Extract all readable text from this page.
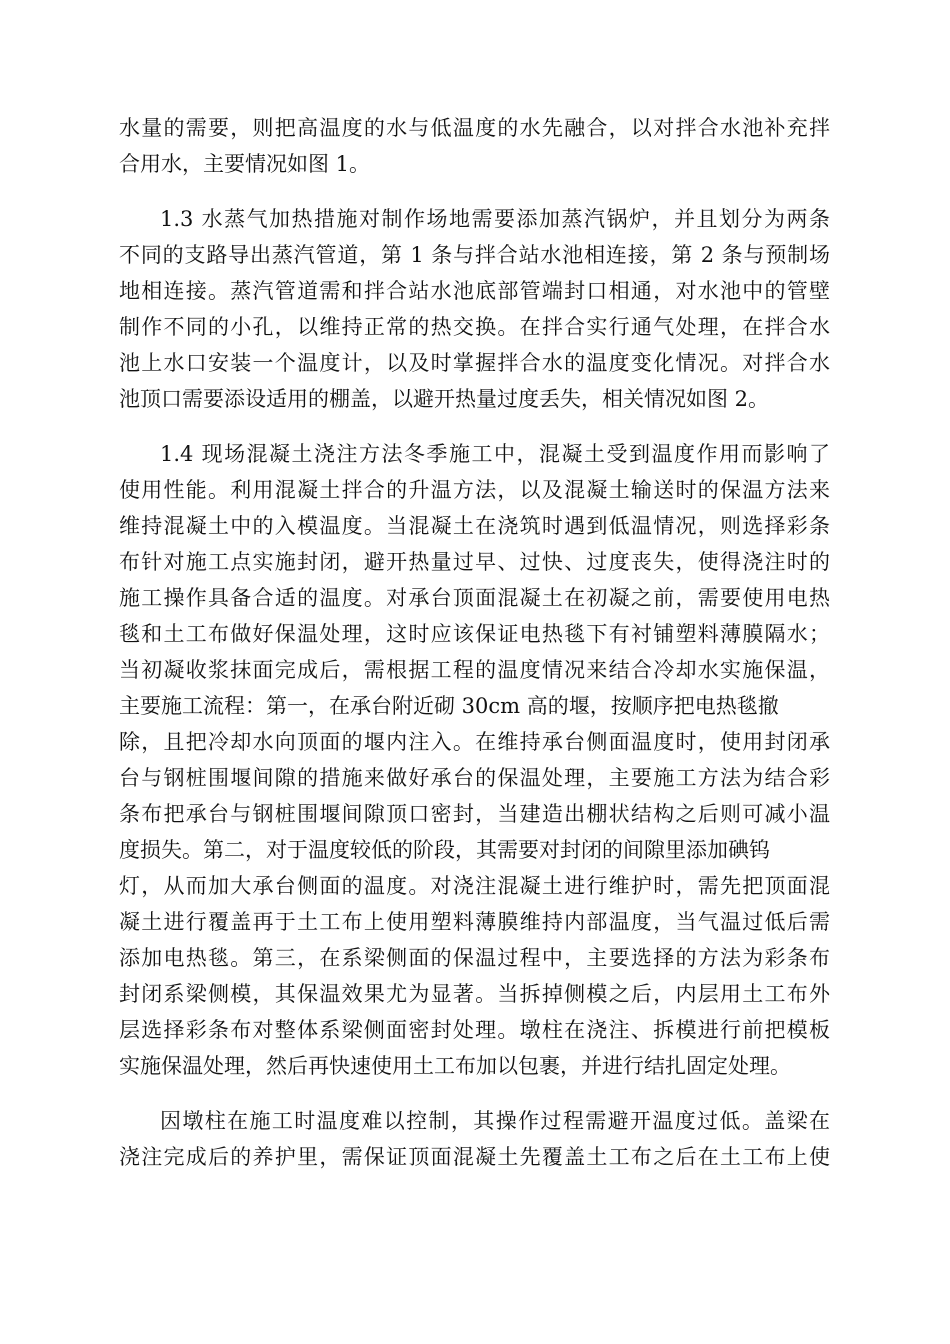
水量的需要，则把高温度的水与低温度的水先融合，以对拌合水池补充拌
合用水，主要情况如图 1。
1.3 水蒸气加热措施对制作场地需要添加蒸汽锅炉，并且划分为两条
不同的支路导出蒸汽管道，第 1 条与拌合站水池相连接，第 2 条与预制场
地相连接。蒸汽管道需和拌合站水池底部管端封口相通，对水池中的管壁
制作不同的小孔，以维持正常的热交换。在拌合实行通气处理，在拌合水
池上水口安装一个温度计，以及时掌握拌合水的温度变化情况。对拌合水
池顶口需要添设适用的棚盖，以避开热量过度丢失，相关情况如图 2。
1.4 现场混凝土浇注方法冬季施工中，混凝土受到温度作用而影响了
使用性能。利用混凝土拌合的升温方法，以及混凝土输送时的保温方法来
维持混凝土中的入模温度。当混凝土在浇筑时遇到低温情况，则选择彩条
布针对施工点实施封闭，避开热量过早、过快、过度丧失，使得浇注时的
施工操作具备合适的温度。对承台顶面混凝土在初凝之前，需要使用电热
毯和土工布做好保温处理，这时应该保证电热毯下有衬铺塑料薄膜隔水；
当初凝收浆抹面完成后，需根据工程的温度情况来结合冷却水实施保温，
主要施工流程：第一，在承台附近砌 30cm 高的堰，按顺序把电热毯撤
除，且把冷却水向顶面的堰内注入。在维持承台侧面温度时，使用封闭承
台与钢桩围堰间隙的措施来做好承台的保温处理，主要施工方法为结合彩
条布把承台与钢桩围堰间隙顶口密封，当建造出棚状结构之后则可减小温
度损失。第二，对于温度较低的阶段，其需要对封闭的间隙里添加碘钨
灯，从而加大承台侧面的温度。对浇注混凝土进行维护时，需先把顶面混
凝土进行覆盖再于土工布上使用塑料薄膜维持内部温度，当气温过低后需
添加电热毯。第三，在系梁侧面的保温过程中，主要选择的方法为彩条布
封闭系梁侧模，其保温效果尤为显著。当拆掉侧模之后，内层用土工布外
层选择彩条布对整体系梁侧面密封处理。墩柱在浇注、拆模进行前把模板
实施保温处理，然后再快速使用土工布加以包裹，并进行结扎固定处理。
因墩柱在施工时温度难以控制，其操作过程需避开温度过低。盖梁在
浇注完成后的养护里，需保证顶面混凝土先覆盖土工布之后在土工布上使
